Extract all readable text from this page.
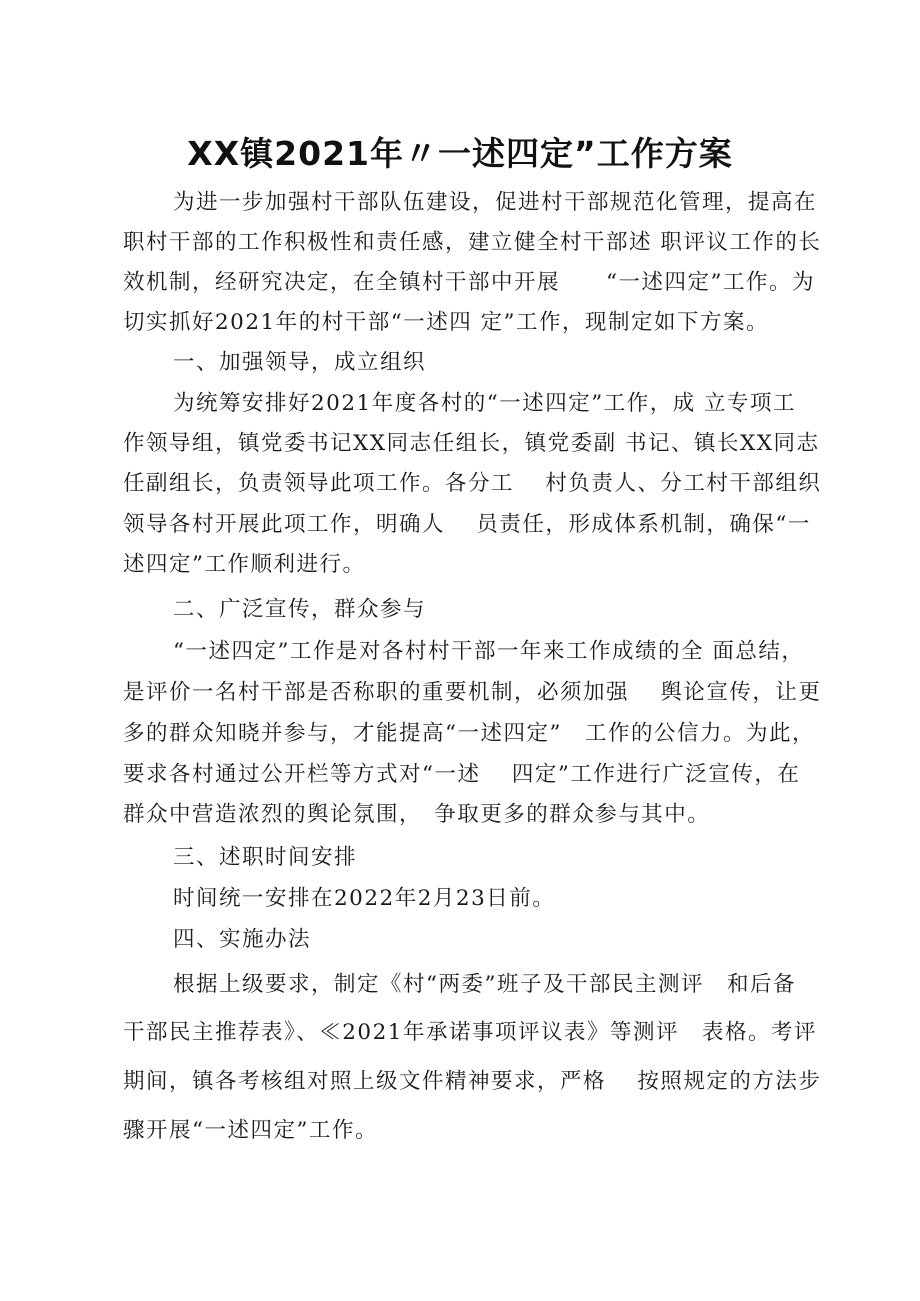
XX镇2021年〃一述四定”工作方案
为进一步加强村干部队伍建设，促进村干部规范化管理，提高在
职村干部的工作积极性和责任感，建立健全村干部述 职评议工作的长
效机制，经研究决定，在全镇村干部中开展　　“一述四定”工作。为
切实抓好2021年的村干部“一述四 定”工作，现制定如下方案。
一、加强领导，成立组织
为统筹安排好2021年度各村的“一述四定”工作，成 立专项工
作领导组，镇党委书记XX同志任组长，镇党委副 书记、镇长XX同志
任副组长，负责领导此项工作。各分工　 村负责人、分工村干部组织
领导各村开展此项工作，明确人　 员责任，形成体系机制，确保“一
述四定”工作顺利进行。
二、广泛宣传，群众参与
“一述四定”工作是对各村村干部一年来工作成绩的全 面总结，
是评价一名村干部是否称职的重要机制，必须加强　 舆论宣传，让更
多的群众知晓并参与，才能提高“一述四定”　工作的公信力。为此，
要求各村通过公开栏等方式对“一述　 四定”工作进行广泛宣传，在
群众中营造浓烈的舆论氛围，　争取更多的群众参与其中。
三、述职时间安排
时间统一安排在2022年2月23日前。
四、实施办法
根据上级要求，制定《村“两委”班子及干部民主测评　和后备
干部民主推荐表》、≪2021年承诺事项评议表》等测评　表格。考评
期间，镇各考核组对照上级文件精神要求，严格　 按照规定的方法步
骤开展“一述四定”工作。
